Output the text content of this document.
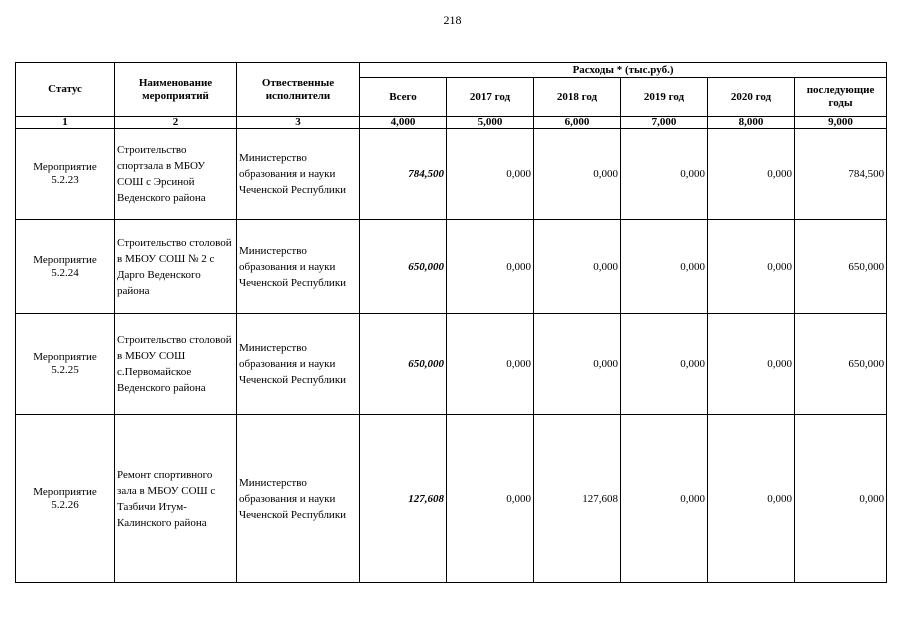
218
Статус	Наименование мероприятий	Отвественные исполнители	Расходы * (тыс.руб.)					
			Всего	2017 год	2018 год	2019 год	2020 год	последующие годы
1	2	3	4,000	5,000	6,000	7,000	8,000	9,000

Мероприятие
5.2.23	Строительство спортзала в МБОУ СОШ с Эрсиной Веденского района	Министерство образования и науки Чеченской Республики	784,500	0,000	0,000	0,000	0,000	784,500

Мероприятие
5.2.24	Строительство столовой в МБОУ СОШ № 2 с Дарго Веденского района	Министерство образования и науки Чеченской Республики	650,000	0,000	0,000	0,000	0,000	650,000

Мероприятие
5.2.25	Строительство столовой в МБОУ СОШ с.Первомайское Веденского района	Министерство образования и науки Чеченской Республики	650,000	0,000	0,000	0,000	0,000	650,000

Мероприятие
5.2.26	Ремонт спортивного зала в МБОУ СОШ с Тазбичи Итум-Калинского района	Министерство образования и науки Чеченской Республики	127,608	0,000	127,608	0,000	0,000	0,000
